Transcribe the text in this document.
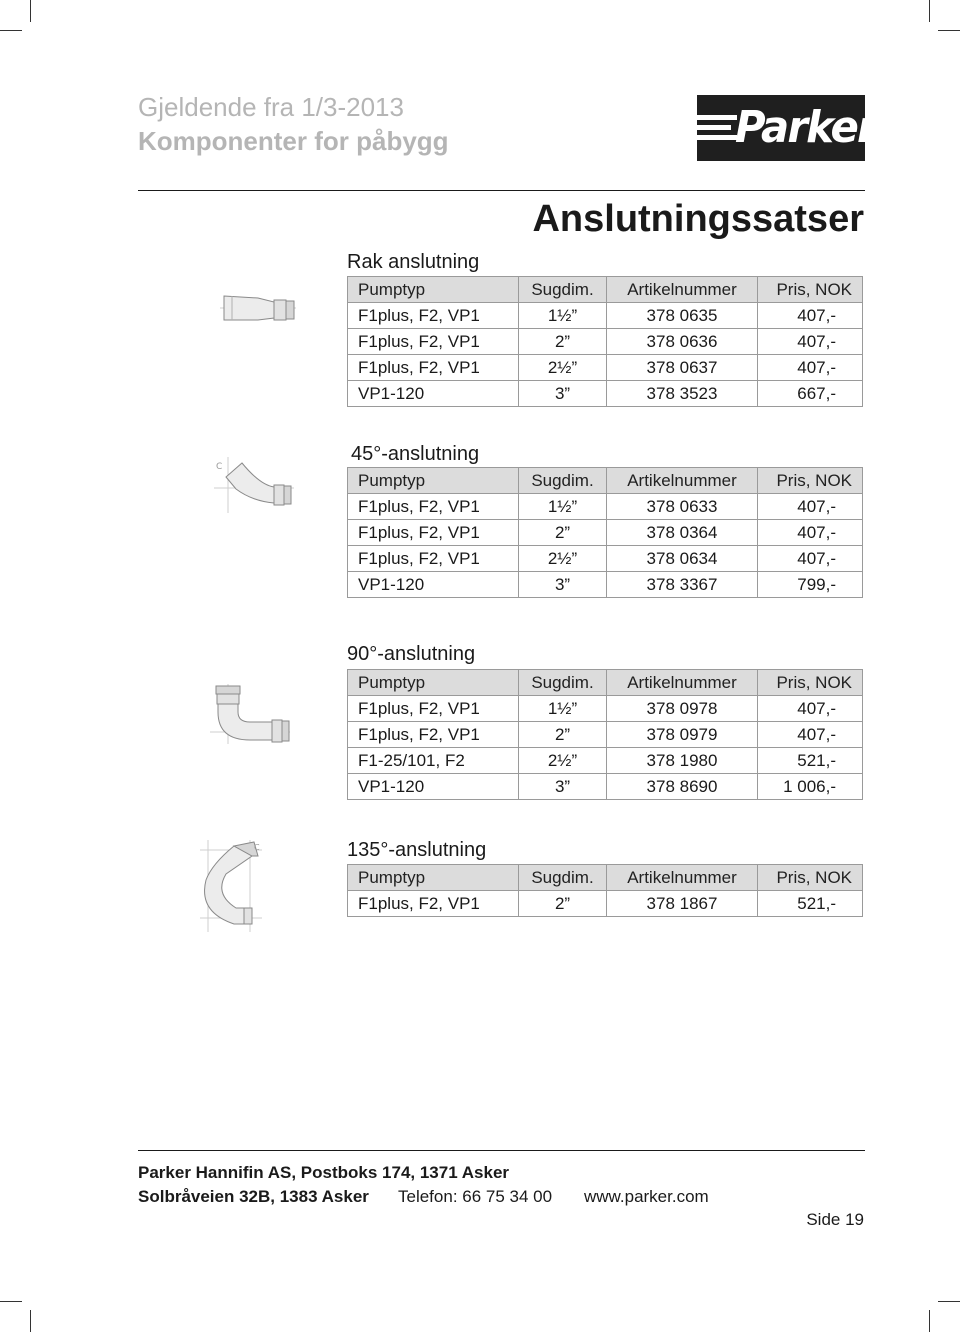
Gjeldende fra 1/3-2013
Komponenter for påbygg	Parker
Anslutningssatser
Rak anslutning
Pumptyp	Sugdim.	Artikelnummer	Pris, NOK
F1plus, F2, VP1	1½”	378 0635	407,-
F1plus, F2, VP1	2”	378 0636	407,-
F1plus, F2, VP1	2½”	378 0637	407,-
VP1-120	3”	378 3523	667,-
45°-anslutning
C
Pumptyp	Sugdim.	Artikelnummer	Pris, NOK
F1plus, F2, VP1	1½”	378 0633	407,-
F1plus, F2, VP1	2”	378 0364	407,-
F1plus, F2, VP1	2½”	378 0634	407,-
VP1-120	3”	378 3367	799,-
90°-anslutning
Pumptyp	Sugdim.	Artikelnummer	Pris, NOK
F1plus, F2, VP1	1½”	378 0978	407,-
F1plus, F2, VP1	2”	378 0979	407,-
F1-25/101, F2	2½”	378 1980	521,-
VP1-120	3”	378 8690	1 006,-
135°-anslutning
C
Pumptyp	Sugdim.	Artikelnummer	Pris, NOK
F1plus, F2, VP1	2”	378 1867	521,-
Parker Hannifin AS, Postboks 174, 1371 Asker
Solbråveien 32B, 1383 Asker Telefon: 66 75 34 00 www.parker.com
Side 19
